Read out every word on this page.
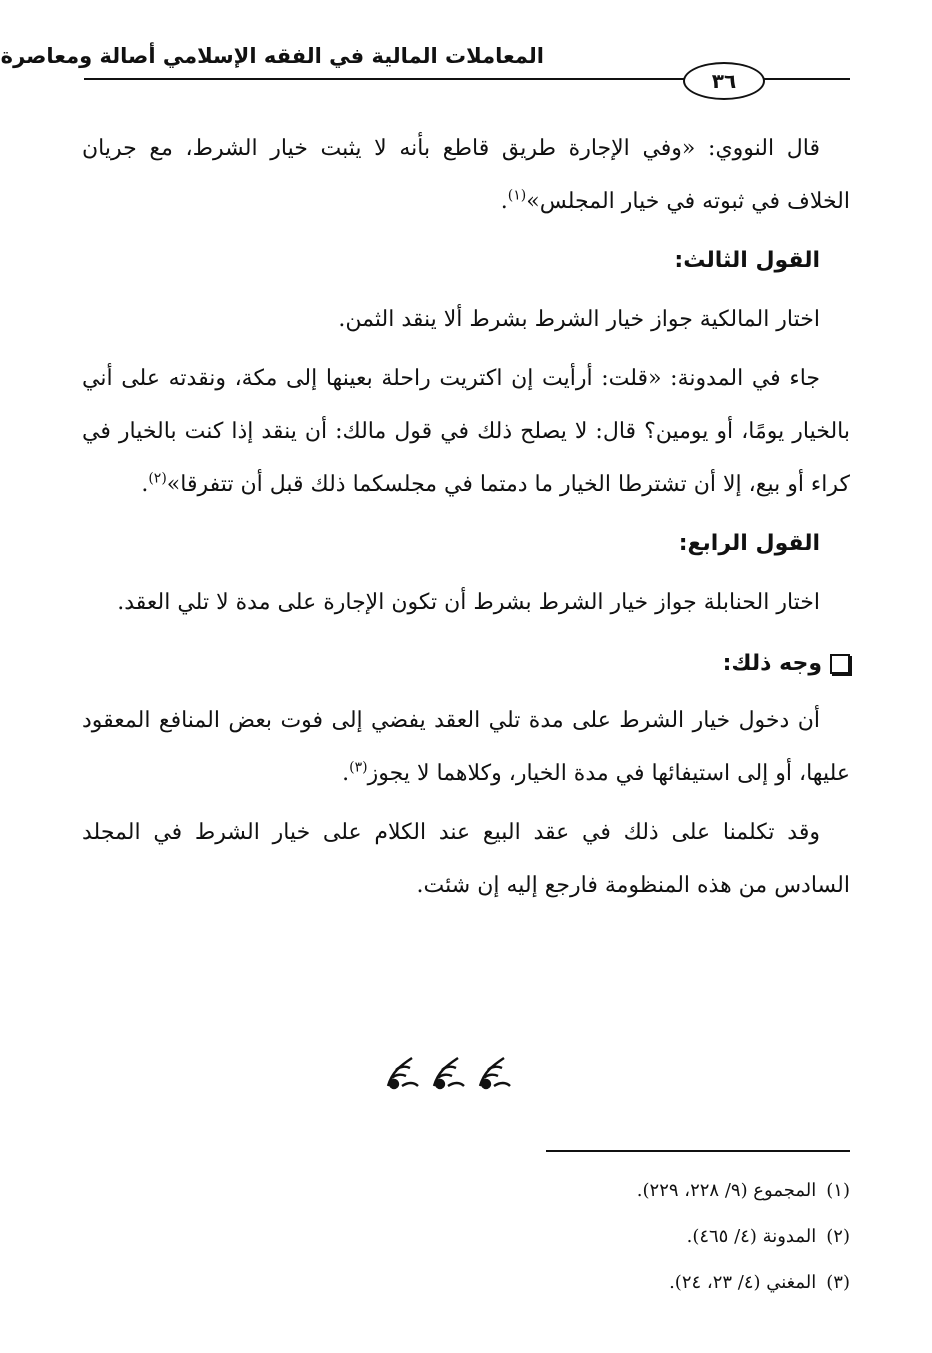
المعاملات المالية في الفقه الإسلامي أصالة ومعاصرة
٣٦

قال النووي: «وفي الإجارة طريق قاطع بأنه لا يثبت خيار الشرط، مع جريان الخلاف في ثبوته في خيار المجلس»$^{(١)}$.

القول الثالث:

اختار المالكية جواز خيار الشرط بشرط ألا ينقد الثمن.

جاء في المدونة: «قلت: أرأيت إن اكتريت راحلة بعينها إلى مكة، ونقدته على أني بالخيار يومًا، أو يومين؟ قال: لا يصلح ذلك في قول مالك: أن ينقد إذا كنت بالخيار في كراء أو بيع، إلا أن تشترطا الخيار ما دمتما في مجلسكما ذلك قبل أن تتفرقا»$^{(٢)}$.

القول الرابع:

اختار الحنابلة جواز خيار الشرط بشرط أن تكون الإجارة على مدة لا تلي العقد.

وجه ذلك:

أن دخول خيار الشرط على مدة تلي العقد يفضي إلى فوت بعض المنافع المعقود عليها، أو إلى استيفائها في مدة الخيار، وكلاهما لا يجوز$^{(٣)}$.

وقد تكلمنا على ذلك في عقد البيع عند الكلام على خيار الشرط في المجلد السادس من هذه المنظومة فارجع إليه إن شئت.

(١)المجموع (٩/ ٢٢٨، ٢٢٩).
(٢)المدونة (٤/ ٤٦٥).
(٣)المغني (٤/ ٢٣، ٢٤).
